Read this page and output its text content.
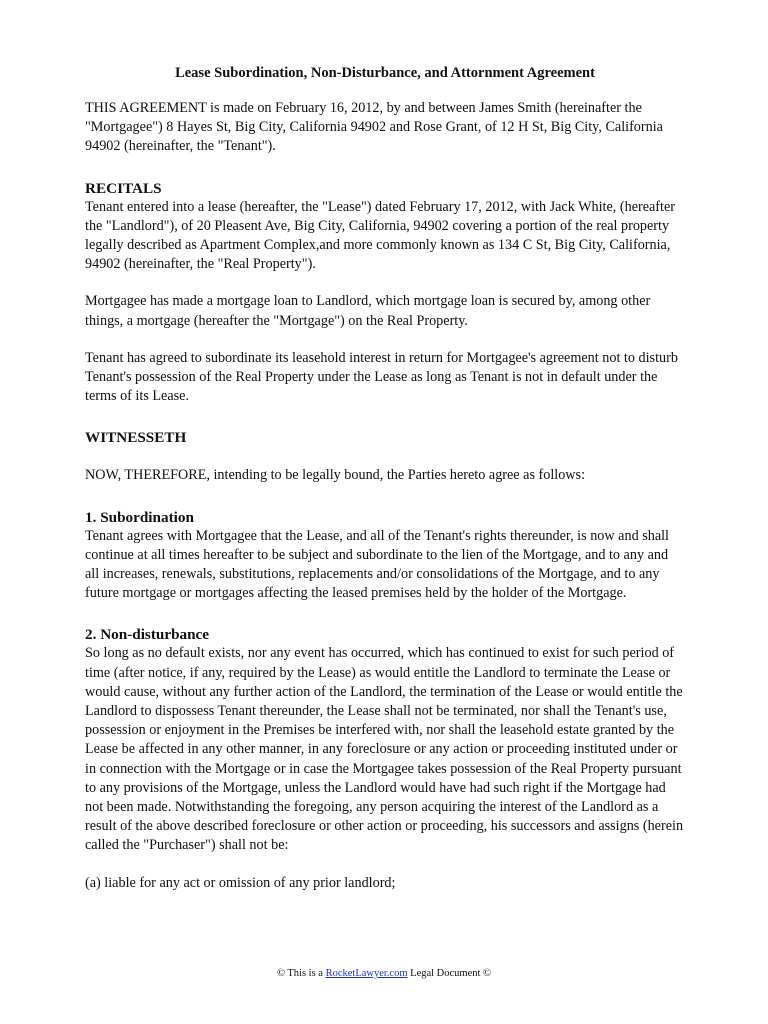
Lease Subordination, Non-Disturbance, and Attornment Agreement

THIS AGREEMENT is made on February 16, 2012, by and between James Smith (hereinafter the "Mortgagee") 8 Hayes St, Big City, California 94902 and Rose Grant, of 12 H St, Big City, California 94902 (hereinafter, the "Tenant").

RECITALS

Tenant entered into a lease (hereafter, the "Lease") dated February 17, 2012, with Jack White, (hereafter the "Landlord"), of 20 Pleasent Ave, Big City, California, 94902 covering a portion of the real property legally described as Apartment Complex,and more commonly known as 134 C St, Big City, California, 94902 (hereinafter, the "Real Property").

Mortgagee has made a mortgage loan to Landlord, which mortgage loan is secured by, among other things, a mortgage (hereafter the "Mortgage") on the Real Property.

Tenant has agreed to subordinate its leasehold interest in return for Mortgagee's agreement not to disturb Tenant's possession of the Real Property under the Lease as long as Tenant is not in default under the terms of its Lease.

WITNESSETH

NOW, THEREFORE, intending to be legally bound, the Parties hereto agree as follows:

1. Subordination

Tenant agrees with Mortgagee that the Lease, and all of the Tenant's rights thereunder, is now and shall continue at all times hereafter to be subject and subordinate to the lien of the Mortgage, and to any and all increases, renewals, substitutions, replacements and/or consolidations of the Mortgage, and to any future mortgage or mortgages affecting the leased premises held by the holder of the Mortgage.

2. Non-disturbance

So long as no default exists, nor any event has occurred, which has continued to exist for such period of time (after notice, if any, required by the Lease) as would entitle the Landlord to terminate the Lease or would cause, without any further action of the Landlord, the termination of the Lease or would entitle the Landlord to dispossess Tenant thereunder, the Lease shall not be terminated, nor shall the Tenant's use, possession or enjoyment in the Premises be interfered with, nor shall the leasehold estate granted by the Lease be affected in any other manner, in any foreclosure or any action or proceeding instituted under or in connection with the Mortgage or in case the Mortgagee takes possession of the Real Property pursuant to any provisions of the Mortgage, unless the Landlord would have had such right if the Mortgage had not been made. Notwithstanding the foregoing, any person acquiring the interest of the Landlord as a result of the above described foreclosure or other action or proceeding, his successors and assigns (herein called the "Purchaser") shall not be:

(a) liable for any act or omission of any prior landlord;

© This is a RocketLawyer.com Legal Document ©
